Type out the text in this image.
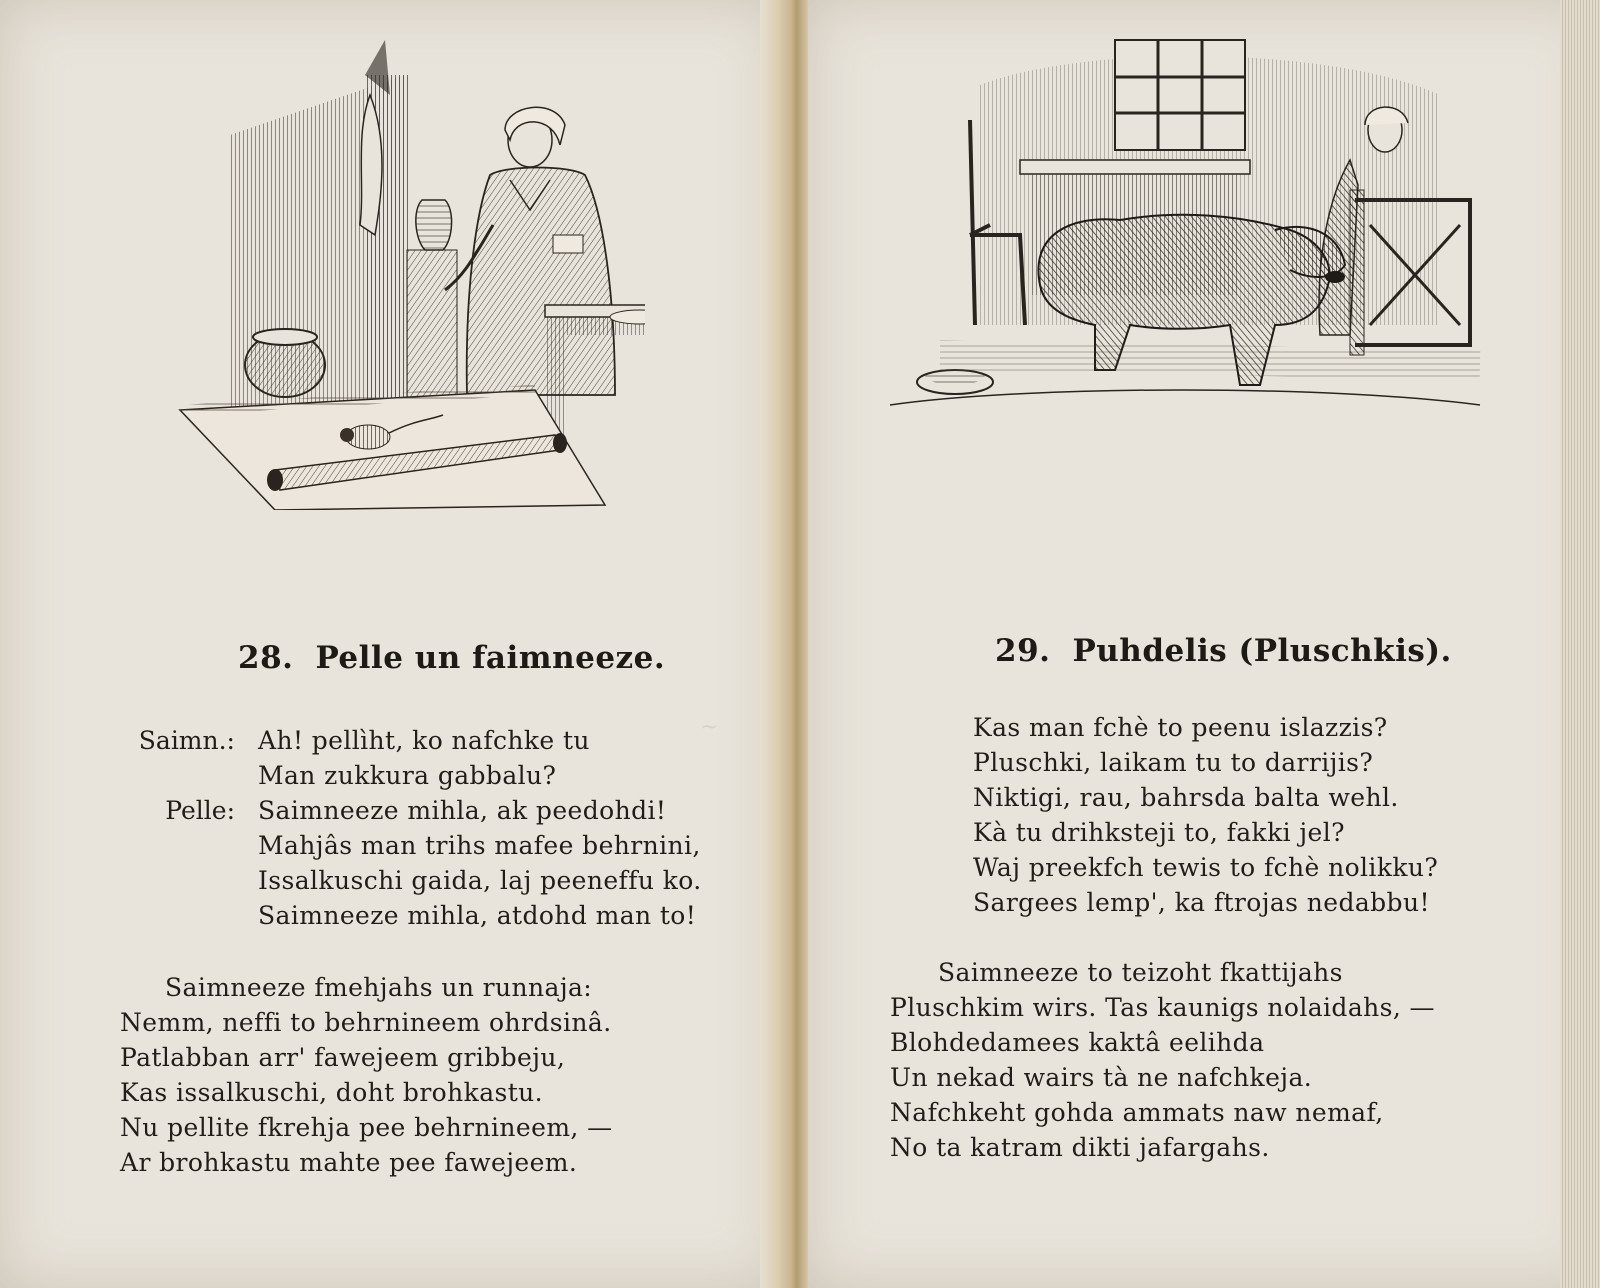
~
28. Pelle un faimneeze.

Saimn.:

Pelle:

Ah! pellìht, ko nafchke tu

Man zukkura gabbalu?

Saimneeze mihla, ak peedohdi!

Mahjâs man trihs mafee behrnini,

Issalkuschi gaida, laj peeneffu ko.

Saimneeze mihla, atdohd man to!

Saimneeze fmehjahs un runnaja:

Nemm, neffi to behrnineem ohrdsinâ.

Patlabban arr' fawejeem gribbeju,

Kas issalkuschi, doht brohkastu.

Nu pellite fkrehja pee behrnineem, —

Ar brohkastu mahte pee fawejeem.

29. Puhdelis (Pluschkis).

Kas man fchè to peenu islazzis?

Pluschki, laikam tu to darrijis?

Niktigi, rau, bahrsda balta wehl.

Kà tu drihksteji to, fakki jel?

Waj preekfch tewis to fchè nolikku?

Sargees lemp', ka ftrojas nedabbu!

Saimneeze to teizoht fkattijahs

Pluschkim wirs. Tas kaunigs nolaidahs, —

Blohdedamees kaktâ eelihda

Un nekad wairs tà ne nafchkeja.

Nafchkeht gohda ammats naw nemaf,

No ta katram dikti jafargahs.
